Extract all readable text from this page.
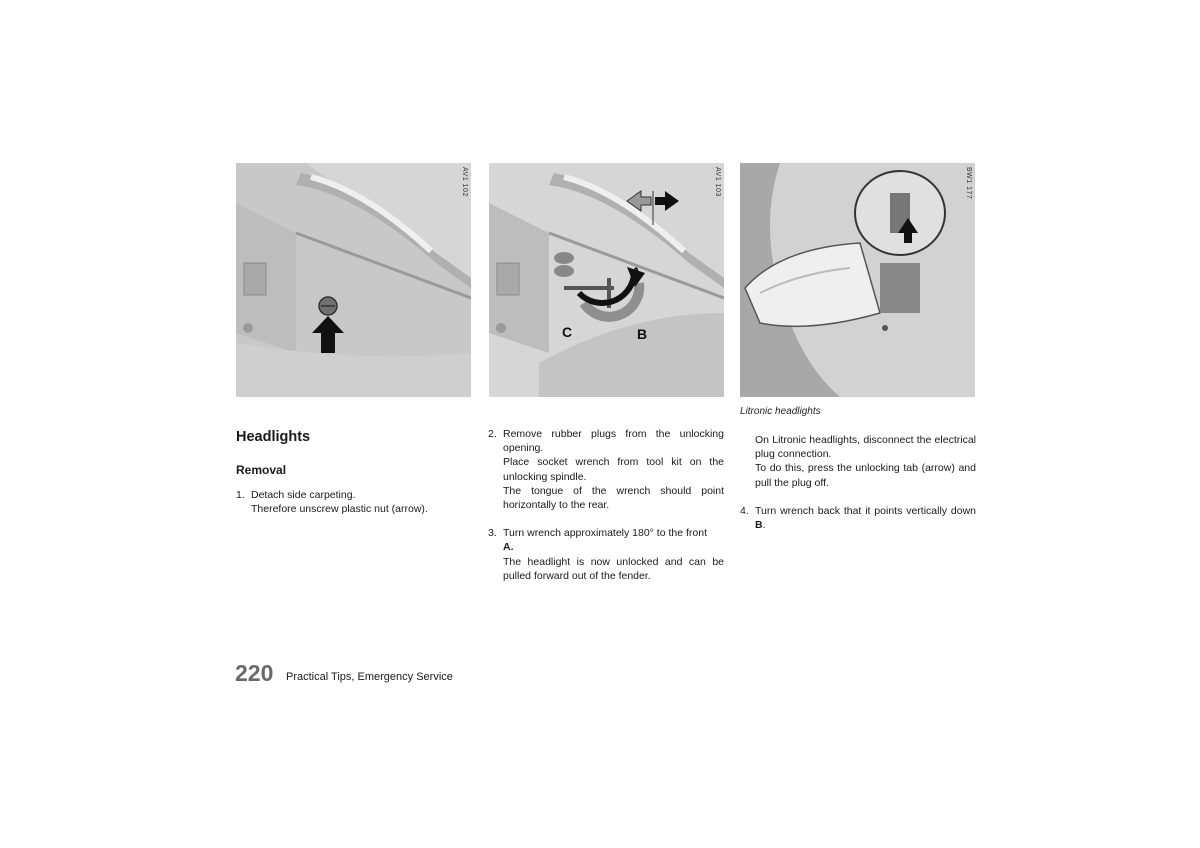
AV1 102
A
B
C
AV1 103	BW1 177
Litronic headlights
Headlights
Removal
1. Detach side carpeting.

Therefore unscrew plastic nut (arrow).

2. Remove rubber plugs from the unlocking opening.

Place socket wrench from tool kit on the unlocking spindle.

The tongue of the wrench should point horizontally to the rear.

3. Turn wrench approximately 180° to the front

A.

The headlight is now unlocked and can be pulled forward out of the fender.

On Litronic headlights, disconnect the electrical plug connection.

To do this, press the unlocking tab (arrow) and pull the plug off.

4. Turn wrench back that it points vertically down B.

220 Practical Tips, Emergency Service
